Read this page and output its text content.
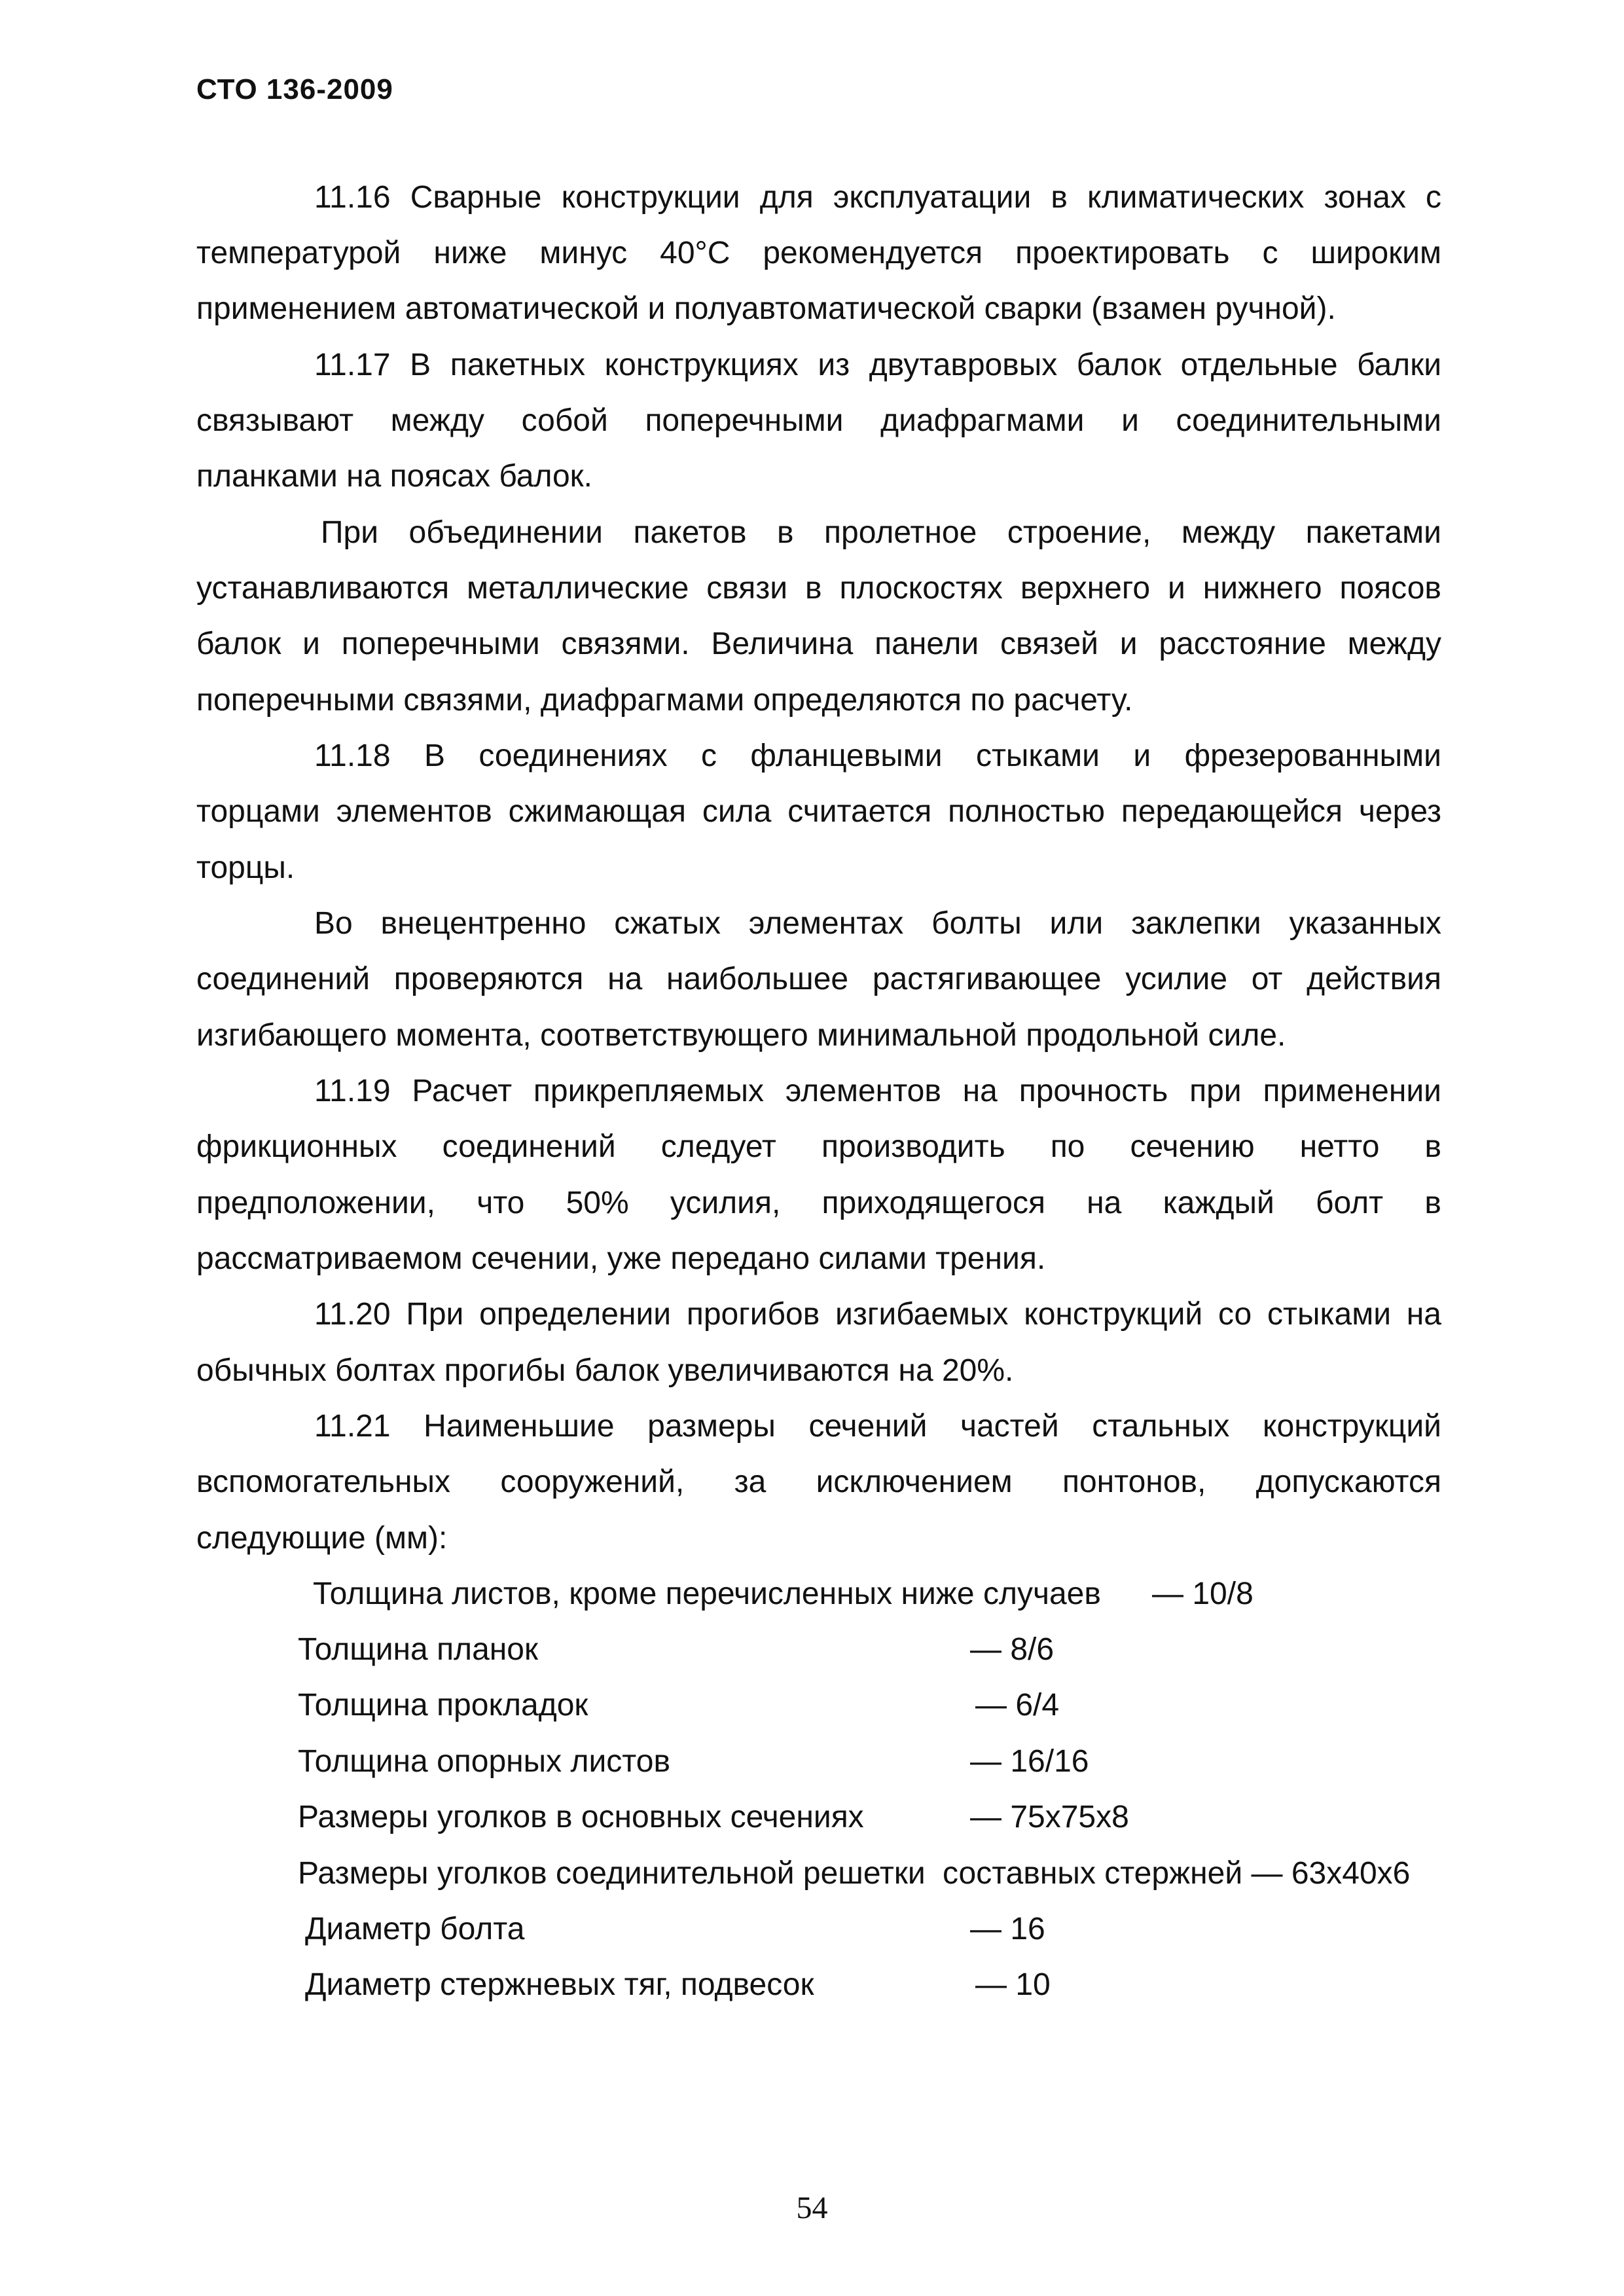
СТО 136-2009
11.16 Сварные конструкции для эксплуатации в климатических зонах с
температурой ниже минус 40°С рекомендуется проектировать с широким
применением автоматической и полуавтоматической сварки (взамен ручной).
11.17 В пакетных конструкциях из двутавровых балок отдельные балки
связывают между собой поперечными диафрагмами и соединительными
планками на поясах балок.
При объединении пакетов в пролетное строение, между пакетами
устанавливаются металлические связи в плоскостях верхнего и нижнего поясов
балок и поперечными связями. Величина панели связей и расстояние между
поперечными связями, диафрагмами определяются по расчету.
11.18 В соединениях с фланцевыми стыками и фрезерованными
торцами элементов сжимающая сила считается полностью передающейся через
торцы.
Во внецентренно сжатых элементах болты или заклепки указанных
соединений проверяются на наибольшее растягивающее усилие от действия
изгибающего момента, соответствующего минимальной продольной силе.
11.19 Расчет прикрепляемых элементов на прочность при применении
фрикционных соединений следует производить по сечению нетто в
предположении, что 50% усилия, приходящегося на каждый болт в
рассматриваемом сечении, уже передано силами трения.
11.20 При определении прогибов изгибаемых конструкций со стыками на
обычных болтах прогибы балок увеличиваются на 20%.
11.21 Наименьшие размеры сечений частей стальных конструкций
вспомогательных сооружений, за исключением понтонов, допускаются
следующие (мм):
Толщина листов, кроме перечисленных ниже случаев — 10/8
Толщина планок	— 8/6
Толщина прокладок	— 6/4
Толщина опорных листов	— 16/16
Размеры уголков в основных сечениях	— 75х75х8
Размеры уголков соединительной решетки составных стержней — 63х40х6
Диаметр болта	— 16
Диаметр стержневых тяг, подвесок	— 10
54
